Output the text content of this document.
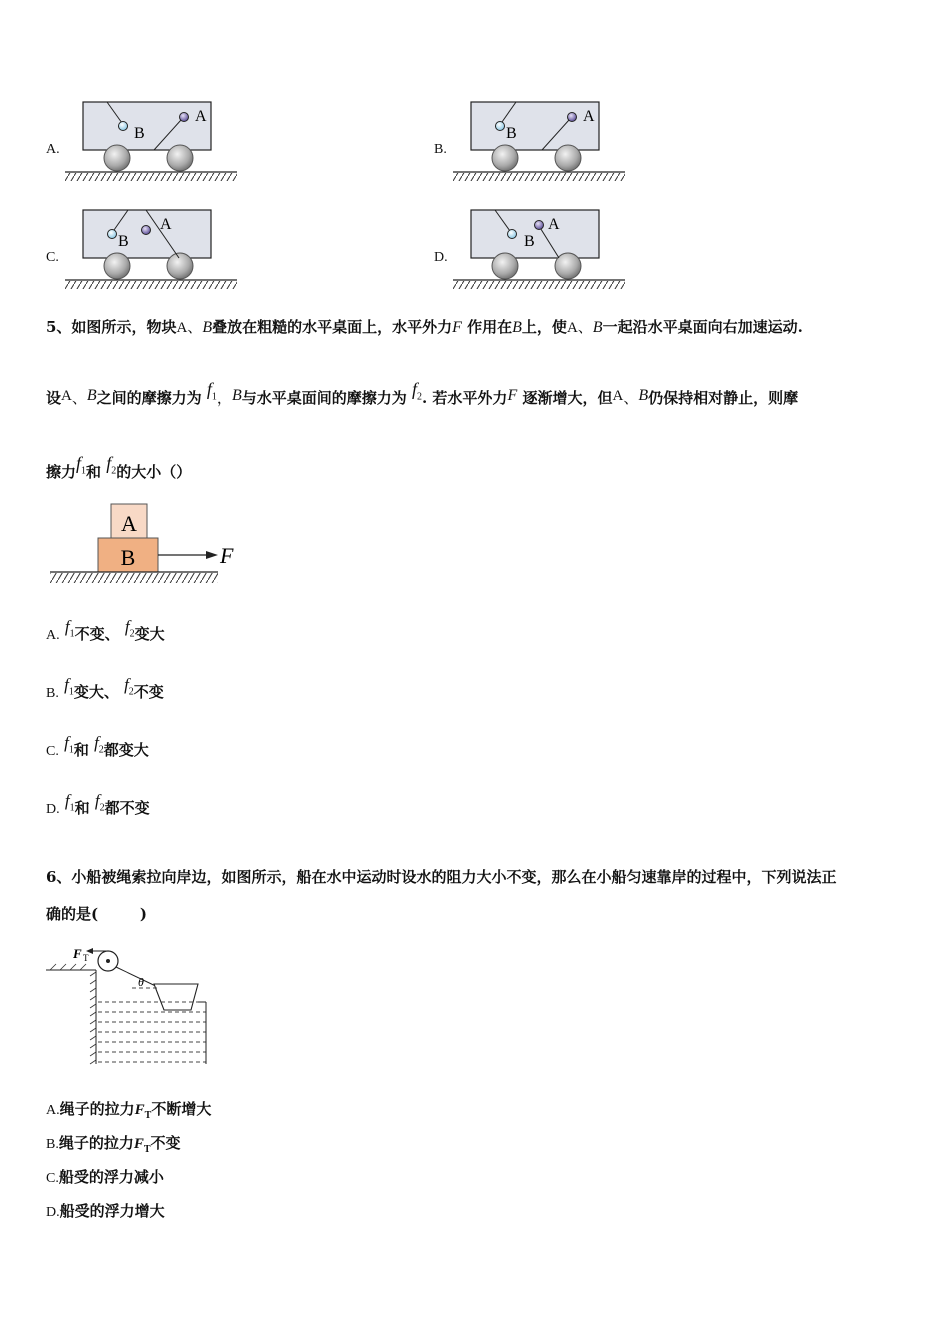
A.
B
A
B.
B
A
C.
B
A
D.
B
A
5、如图所示，物块A、B叠放在粗糙的水平桌面上，水平外力F 作用在B上，使A、B一起沿水平桌面向右加速运动.
设A、B之间的摩擦力为 $f_1$，B与水平桌面间的摩擦力为 $f_2$. 若水平外力F 逐渐增大，但A、B仍保持相对静止，则摩
擦力$f_1$和 $f_2$的大小（）
A
B	F
A. $f_1$不变、 $f_2$变大
B. $f_1$变大、 $f_2$不变
C. $f_1$和 $f_2$都变大
D. $f_1$和 $f_2$都不变
6、小船被绳索拉向岸边，如图所示，船在水中运动时设水的阻力大小不变，那么在小船匀速靠岸的过程中，下列说法正
确的是(        )
F T
θ
A.绳子的拉力$F_T$不断增大
B.绳子的拉力$F_T$不变
C.船受的浮力减小
D.船受的浮力增大
